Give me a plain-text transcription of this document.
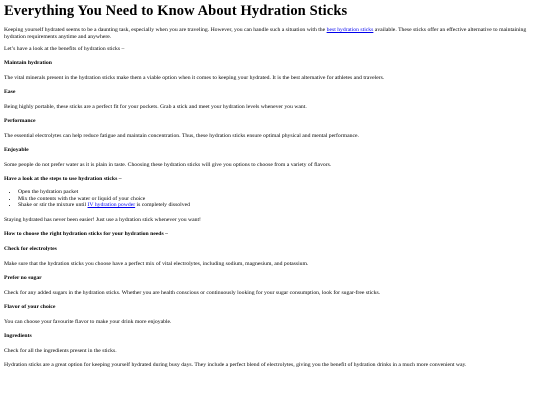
Everything You Need to Know About Hydration Sticks

Keeping yourself hydrated seems to be a daunting task, especially when you are traveling. However, you can handle such a situation with the best hydration sticks available. These sticks offer an effective alternative to maintaining hydration requirements anytime and anywhere.

Let’s have a look at the benefits of hydration sticks –

Maintain hydration

The vital minerals present in the hydration sticks make them a viable option when it comes to keeping your hydrated. It is the best alternative for athletes and travelers.

Ease

Being highly portable, these sticks are a perfect fit for your pockets. Grab a stick and meet your hydration levels whenever you want.

Performance

The essential electrolytes can help reduce fatigue and maintain concentration. Thus, these hydration sticks ensure optimal physical and mental performance.

Enjoyable

Some people do not prefer water as it is plain in taste. Choosing these hydration sticks will give you options to choose from a variety of flavors.

Have a look at the steps to use hydration sticks –
• Open the hydration packet
• Mix the contents with the water or liquid of your choice
• Shake or stir the mixture until IV hydration powder is completely dissolved

Staying hydrated has never been easier! Just use a hydration stick whenever you want!

How to choose the right hydration sticks for your hydration needs –
Check for electrolytes

Make sure that the hydration sticks you choose have a perfect mix of vital electrolytes, including sodium, magnesium, and potassium.

Prefer no sugar

Check for any added sugars in the hydration sticks. Whether you are health conscious or continuously looking for your sugar consumption, look for sugar-free sticks.

Flavor of your choice

You can choose your favourite flavor to make your drink more enjoyable.

Ingredients

Check for all the ingredients present in the sticks.

Hydration sticks are a great option for keeping yourself hydrated during busy days. They include a perfect blend of electrolytes, giving you the benefit of hydration drinks in a much more convenient way.
